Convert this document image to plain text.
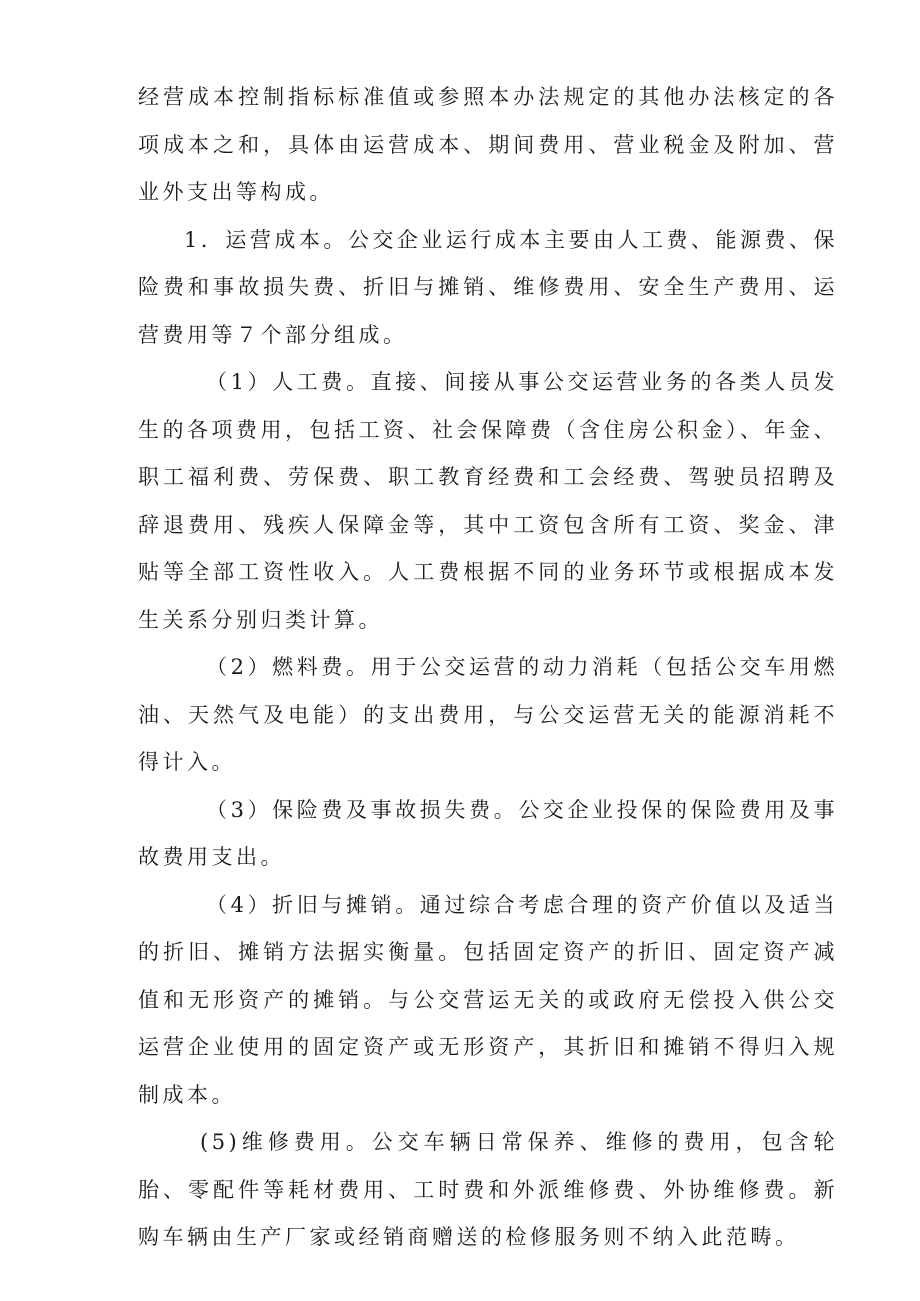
经营成本控制指标标准值或参照本办法规定的其他办法核定的各项成本之和，具体由运营成本、期间费用、营业税金及附加、营业外支出等构成。

1．运营成本。公交企业运行成本主要由人工费、能源费、保险费和事故损失费、折旧与摊销、维修费用、安全生产费用、运营费用等７个部分组成。

（1）人工费。直接、间接从事公交运营业务的各类人员发生的各项费用，包括工资、社会保障费（含住房公积金）、年金、职工福利费、劳保费、职工教育经费和工会经费、驾驶员招聘及辞退费用、残疾人保障金等，其中工资包含所有工资、奖金、津贴等全部工资性收入。人工费根据不同的业务环节或根据成本发生关系分别归类计算。

（2）燃料费。用于公交运营的动力消耗（包括公交车用燃油、天然气及电能）的支出费用，与公交运营无关的能源消耗不得计入。

（3）保险费及事故损失费。公交企业投保的保险费用及事故费用支出。

（4）折旧与摊销。通过综合考虑合理的资产价值以及适当的折旧、摊销方法据实衡量。包括固定资产的折旧、固定资产减值和无形资产的摊销。与公交营运无关的或政府无偿投入供公交运营企业使用的固定资产或无形资产，其折旧和摊销不得归入规制成本。

(5)维修费用。公交车辆日常保养、维修的费用，包含轮胎、零配件等耗材费用、工时费和外派维修费、外协维修费。新购车辆由生产厂家或经销商赠送的检修服务则不纳入此范畴。
